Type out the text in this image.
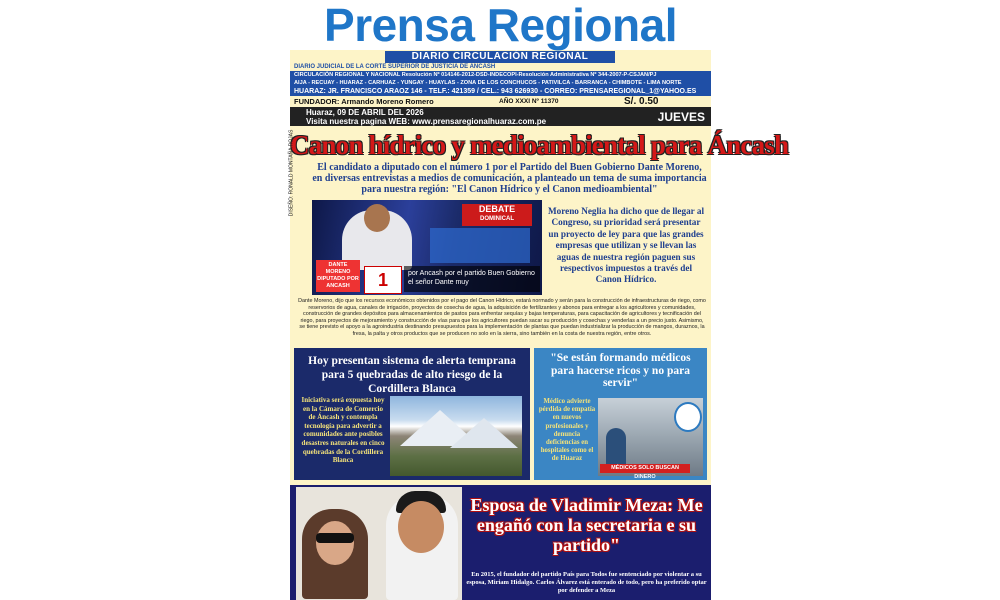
Prensa Regional
DIARIO CIRCULACIÓN REGIONAL
DIARIO JUDICIAL DE LA CORTE SUPERIOR DE JUSTICIA DE ANCASH
CIRCULACIÓN REGIONAL Y NACIONAL Resolución Nº 014146-2012-DSD-INDECOPI-Resolución Administrativa Nº 344-2007-P-CSJAN/PJ
AIJA - RECUAY - HUARAZ - CARHUAZ - YUNGAY - HUAYLAS - ZONA DE LOS CONCHUCOS - PATIVILCA - BARRANCA - CHIMBOTE - LIMA NORTE
HUARAZ: JR. FRANCISCO ARAOZ 146 - TELF.: 421359 / CEL.: 943 626930 - CORREO: PRENSAREGIONAL_1@YAHOO.ES
FUNDADOR: Armando Moreno Romero	AÑO XXXI Nº 11370	S/. 0.50
Huaraz, 09 DE ABRIL DEL 2026
Visita nuestra pagina WEB: www.prensaregionalhuaraz.com.pe	JUEVES
Canon hídrico y medioambiental para Áncash
DISEÑO: RONALD MONTAÑA ROJAS	El candidato a diputado con el número 1 por el Partido del Buen Gobierno Dante Moreno, en diversas entrevistas a medios de comunicación, a planteado un tema de suma importancia para nuestra región: "El Canon Hídrico y el Canon medioambiental"
DEBATE
DOMINICAL
DANTE MORENO DIPUTADO POR ANCASH	1	por Ancash por el partido Buen Gobierno el señor Dante muy
Moreno Neglia ha dicho que de llegar al Congreso, su prioridad será presentar un proyecto de ley para que las grandes empresas que utilizan y se llevan las aguas de nuestra región paguen sus respectivos impuestos a través del Canon Hídrico.
Dante Moreno, dijo que los recursos económicos obtenidos por el pago del Canon Hídrico, estará normado y serán para la construcción de infraestructuras de riego, como reservorios de agua, canales de irrigación, proyectos de cosecha de agua, la adquisición de fertilizantes y abonos para entregar a los agricultores y comunidades, construcción de grandes depósitos para almacenamientos de pastos para enfrentar sequías y bajas temperaturas, para capacitación de agricultores y tecnificación del riego, para proyectos de mejoramiento y construcción de vías para que los agricultores puedan sacar su producción y cosechas y venderlas a un precio justo. Asimismo, se tiene previsto el apoyo a la agroindustria destinando presupuestos para la implementación de plantas que puedan industrializar la producción de mangos, duraznos, la fresa, la palta y otros productos que se producen no solo en la sierra, sino también en la costa de nuestra región, entre otros.
Hoy presentan sistema de alerta temprana para 5 quebradas de alto riesgo de la Cordillera Blanca
Iniciativa será expuesta hoy en la Cámara de Comercio de Áncash y contempla tecnología para advertir a comunidades ante posibles desastres naturales en cinco quebradas de la Cordillera Blanca
"Se están formando médicos para hacerse ricos y no para servir"
Médico advierte pérdida de empatía en nuevos profesionales y denuncia deficiencias en hospitales como el de Huaraz
MÉDICOS SOLO BUSCAN DINERO
Esposa de Vladimir Meza: Me engañó con la secretaria e su partido"
En 2015, el fundador del partido País para Todos fue sentenciado por violentar a su esposa, Miriam Hidalgo. Carlos Álvarez está enterado de todo, pero ha preferido optar por defender a Meza
